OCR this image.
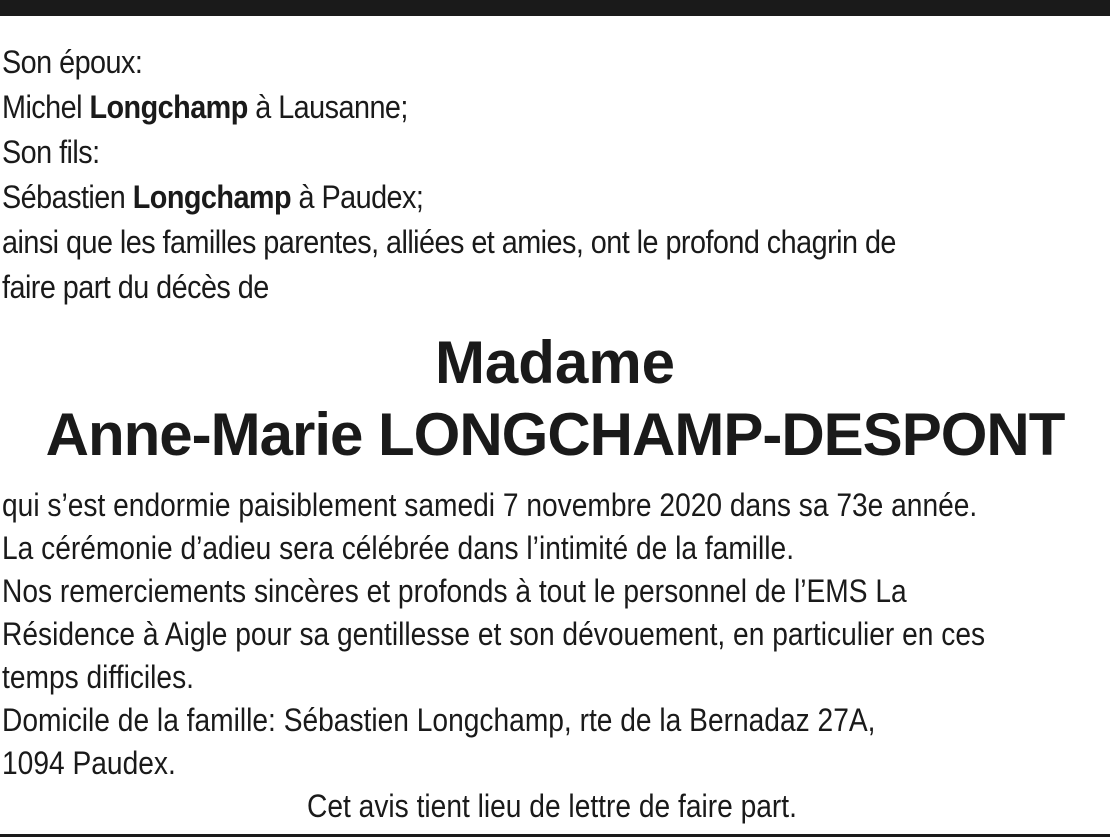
Son époux:

Michel Longchamp à Lausanne;

Son fils:

Sébastien Longchamp à Paudex;

ainsi que les familles parentes, alliées et amies, ont le profond chagrin de

faire part du décès de

Madame
Anne-Marie LONGCHAMP-DESPONT

qui s’est endormie paisiblement samedi 7 novembre 2020 dans sa 73e année.

La cérémonie d’adieu sera célébrée dans l’intimité de la famille.

Nos remerciements sincères et profonds à tout le personnel de l’EMS La

Résidence à Aigle pour sa gentillesse et son dévouement, en particulier en ces

temps difficiles.

Domicile de la famille: Sébastien Longchamp, rte de la Bernadaz 27A,

1094 Paudex.

Cet avis tient lieu de lettre de faire part.
